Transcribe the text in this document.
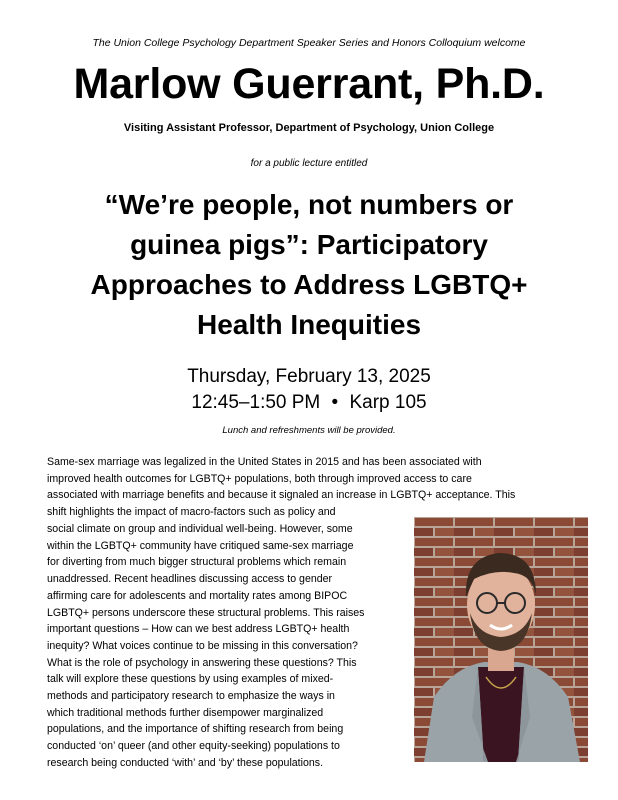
The Union College Psychology Department Speaker Series and Honors Colloquium welcome
Marlow Guerrant, Ph.D.
Visiting Assistant Professor, Department of Psychology, Union College
for a public lecture entitled
“We’re people, not numbers or
guinea pigs”: Participatory
Approaches to Address LGBTQ+
Health Inequities
Thursday, February 13, 2025
12:45–1:50 PM • Karp 105
Lunch and refreshments will be provided.
Same-sex marriage was legalized in the United States in 2015 and has been associated with
improved health outcomes for LGBTQ+ populations, both through improved access to care
associated with marriage benefits and because it signaled an increase in LGBTQ+ acceptance. This
shift highlights the impact of macro-factors such as policy and
social climate on group and individual well-being. However, some
within the LGBTQ+ community have critiqued same-sex marriage
for diverting from much bigger structural problems which remain
unaddressed. Recent headlines discussing access to gender
affirming care for adolescents and mortality rates among BIPOC
LGBTQ+ persons underscore these structural problems. This raises
important questions – How can we best address LGBTQ+ health
inequity? What voices continue to be missing in this conversation?
What is the role of psychology in answering these questions? This
talk will explore these questions by using examples of mixed-
methods and participatory research to emphasize the ways in
which traditional methods further disempower marginalized
populations, and the importance of shifting research from being
conducted ‘on’ queer (and other equity-seeking) populations to
research being conducted ‘with’ and ‘by’ these populations.
